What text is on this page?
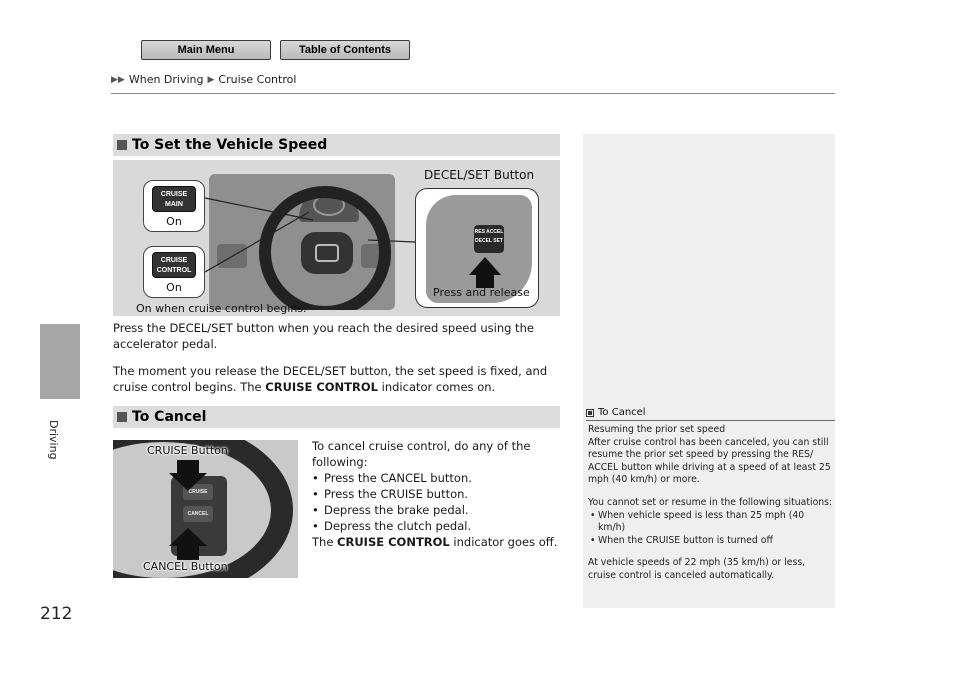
Main Menu	Table of Contents
▶▶ When Driving ▶ Cruise Control
Driving
212
To Set the Vehicle Speed
CRUISE MAIN
On
CRUISE CONTROL
On
On when cruise control begins.
DECEL/SET Button
RES ACCEL
DECEL SET
Press and release

Press the DECEL/SET button when you reach the desired speed using the accelerator pedal.

The moment you release the DECEL/SET button, the set speed is fixed, and cruise control begins. The CRUISE CONTROL indicator comes on.

To Cancel
CRUISE
CANCEL
CRUISE Button
CANCEL Button

To cancel cruise control, do any of the following:

• Press the CANCEL button.
• Press the CRUISE button.
• Depress the brake pedal.
• Depress the clutch pedal.

The CRUISE CONTROL indicator goes off.

To Cancel

Resuming the prior set speed

After cruise control has been canceled, you can still resume the prior set speed by pressing the RES/ ACCEL button while driving at a speed of at least 25 mph (40 km/h) or more.

You cannot set or resume in the following situations:

• When vehicle speed is less than 25 mph (40 km/h)
• When the CRUISE button is turned off

At vehicle speeds of 22 mph (35 km/h) or less, cruise control is canceled automatically.
